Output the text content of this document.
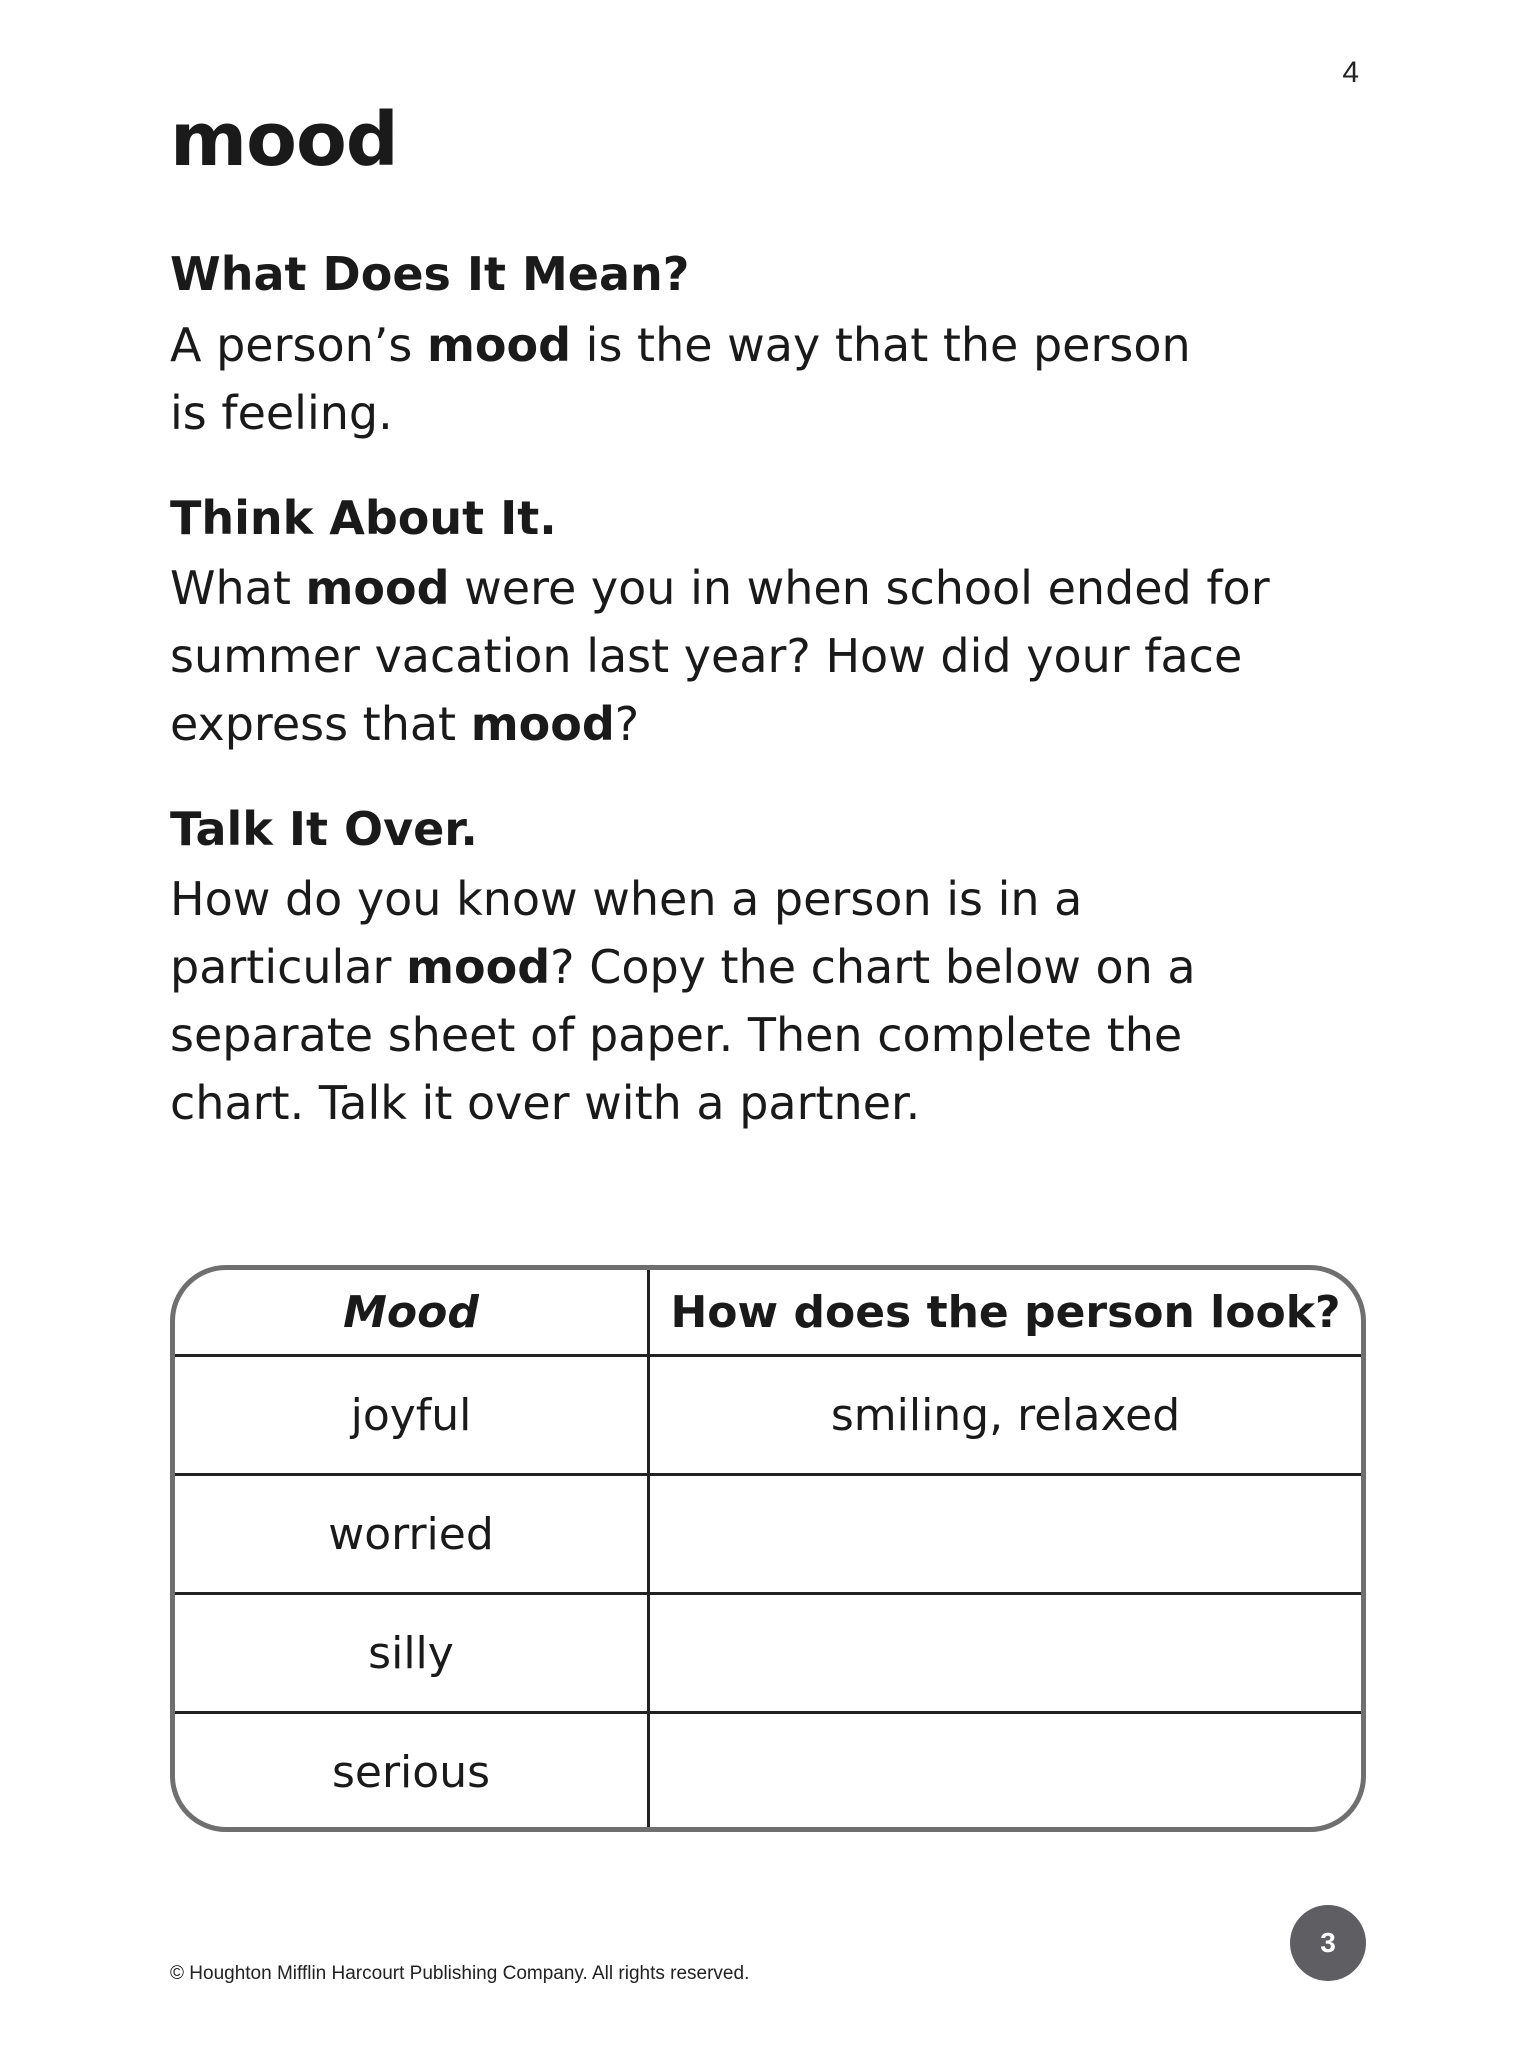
4
mood
What Does It Mean?

A person’s mood is the way that the person
is feeling.

Think About It.

What mood were you in when school ended for
summer vacation last year? How did your face
express that mood?

Talk It Over.

How do you know when a person is in a
particular mood? Copy the chart below on a
separate sheet of paper. Then complete the
chart. Talk it over with a partner.

Mood	How does the person look?
joyful	smiling, relaxed
worried	
silly	
serious	
3
© Houghton Mifflin Harcourt Publishing Company. All rights reserved.
